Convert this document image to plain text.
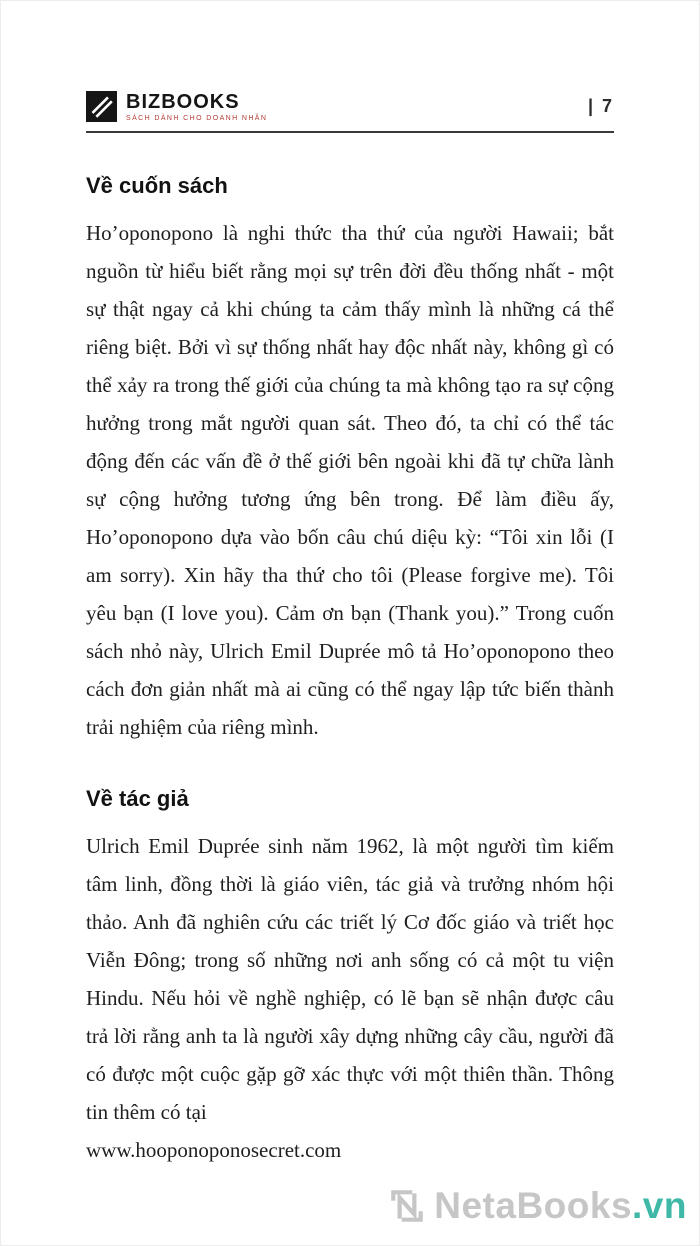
BIZBOOKS
SÁCH DÀNH CHO DOANH NHÂN
| 7
Về cuốn sách

Ho’oponopono là nghi thức tha thứ của người Hawaii; bắt nguồn từ hiểu biết rằng mọi sự trên đời đều thống nhất - một sự thật ngay cả khi chúng ta cảm thấy mình là những cá thể riêng biệt. Bởi vì sự thống nhất hay độc nhất này, không gì có thể xảy ra trong thế giới của chúng ta mà không tạo ra sự cộng hưởng trong mắt người quan sát. Theo đó, ta chỉ có thể tác động đến các vấn đề ở thế giới bên ngoài khi đã tự chữa lành sự cộng hưởng tương ứng bên trong. Để làm điều ấy, Ho’oponopono dựa vào bốn câu chú diệu kỳ: “Tôi xin lỗi (I am sorry). Xin hãy tha thứ cho tôi (Please forgive me). Tôi yêu bạn (I love you). Cảm ơn bạn (Thank you).” Trong cuốn sách nhỏ này, Ulrich Emil Duprée mô tả Ho’oponopono theo cách đơn giản nhất mà ai cũng có thể ngay lập tức biến thành trải nghiệm của riêng mình.

Về tác giả

Ulrich Emil Duprée sinh năm 1962, là một người tìm kiếm tâm linh, đồng thời là giáo viên, tác giả và trưởng nhóm hội thảo. Anh đã nghiên cứu các triết lý Cơ đốc giáo và triết học Viễn Đông; trong số những nơi anh sống có cả một tu viện Hindu. Nếu hỏi về nghề nghiệp, có lẽ bạn sẽ nhận được câu trả lời rằng anh ta là người xây dựng những cây cầu, người đã có được một cuộc gặp gỡ xác thực với một thiên thần. Thông tin thêm có tại

www.hooponoponosecret.com
NetaBooks.vn
